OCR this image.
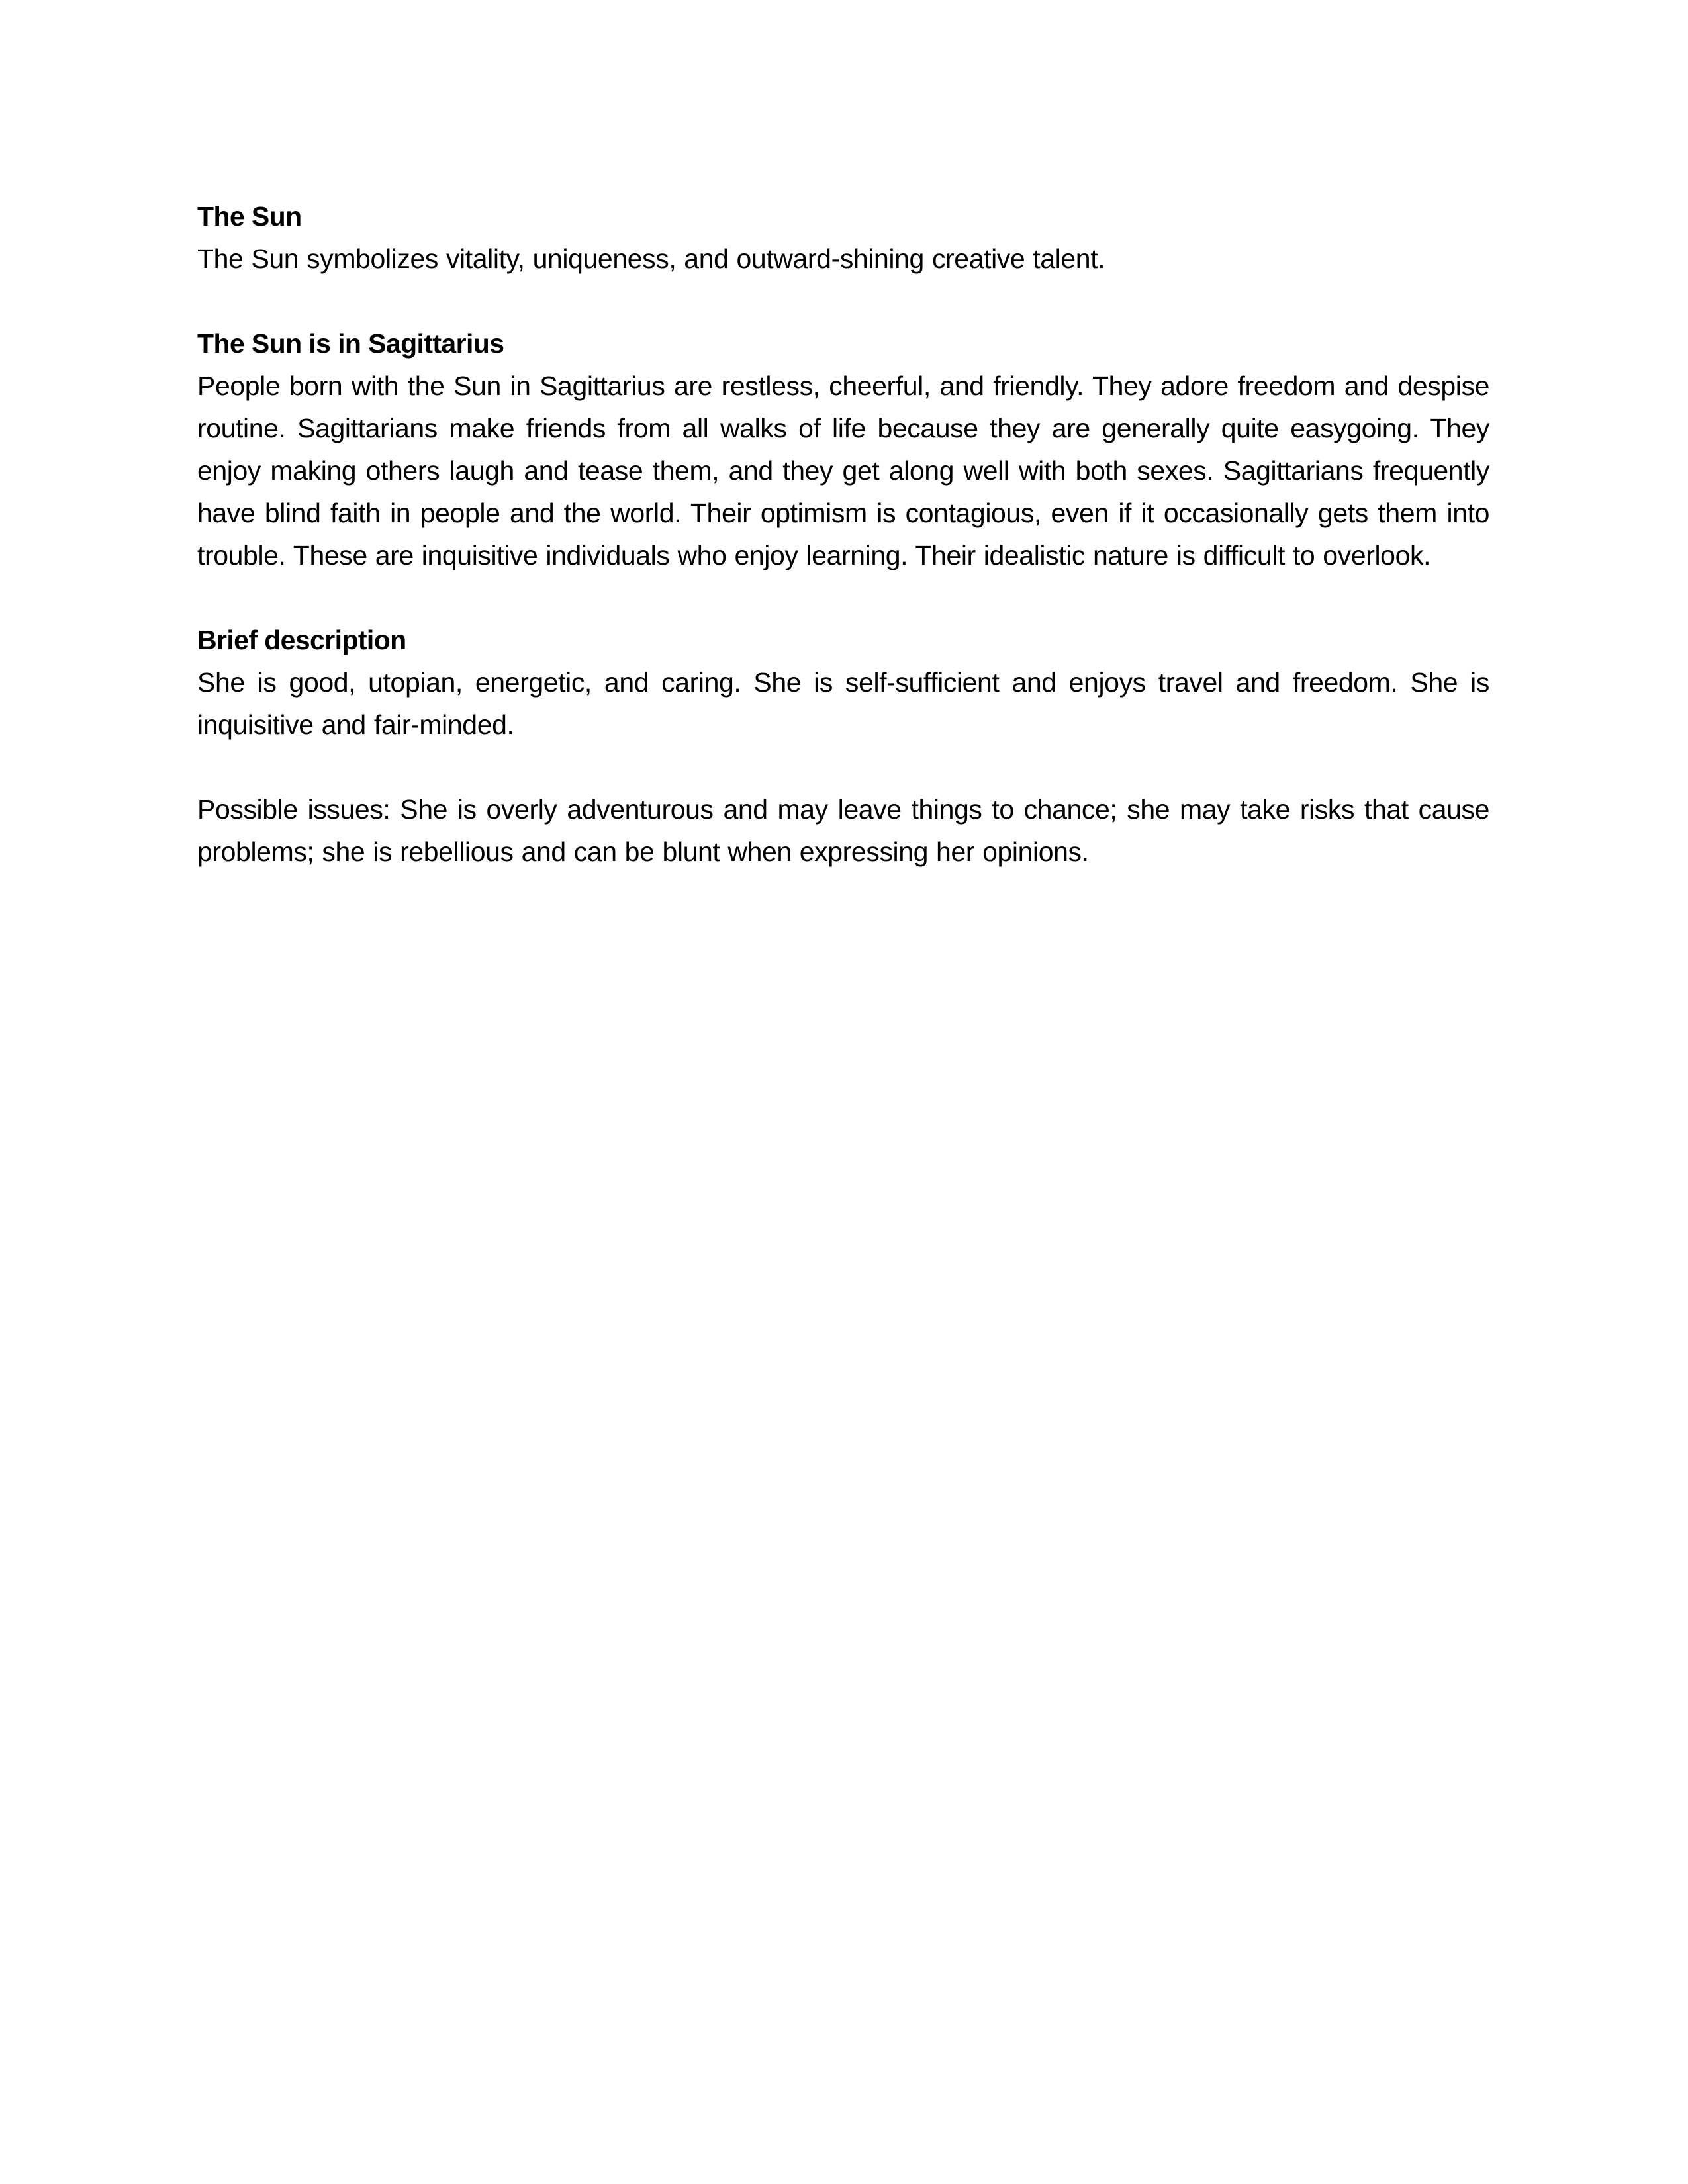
The Sun

The Sun symbolizes vitality, uniqueness, and outward-shining creative talent.

The Sun is in Sagittarius

People born with the Sun in Sagittarius are restless, cheerful, and friendly. They adore freedom and despise routine. Sagittarians make friends from all walks of life because they are generally quite easygoing. They enjoy making others laugh and tease them, and they get along well with both sexes. Sagittarians frequently have blind faith in people and the world. Their optimism is contagious, even if it occasionally gets them into trouble. These are inquisitive individuals who enjoy learning. Their idealistic nature is difficult to overlook.

Brief description

She is good, utopian, energetic, and caring. She is self-sufficient and enjoys travel and freedom. She is inquisitive and fair-minded.

Possible issues: She is overly adventurous and may leave things to chance; she may take risks that cause problems; she is rebellious and can be blunt when expressing her opinions.
